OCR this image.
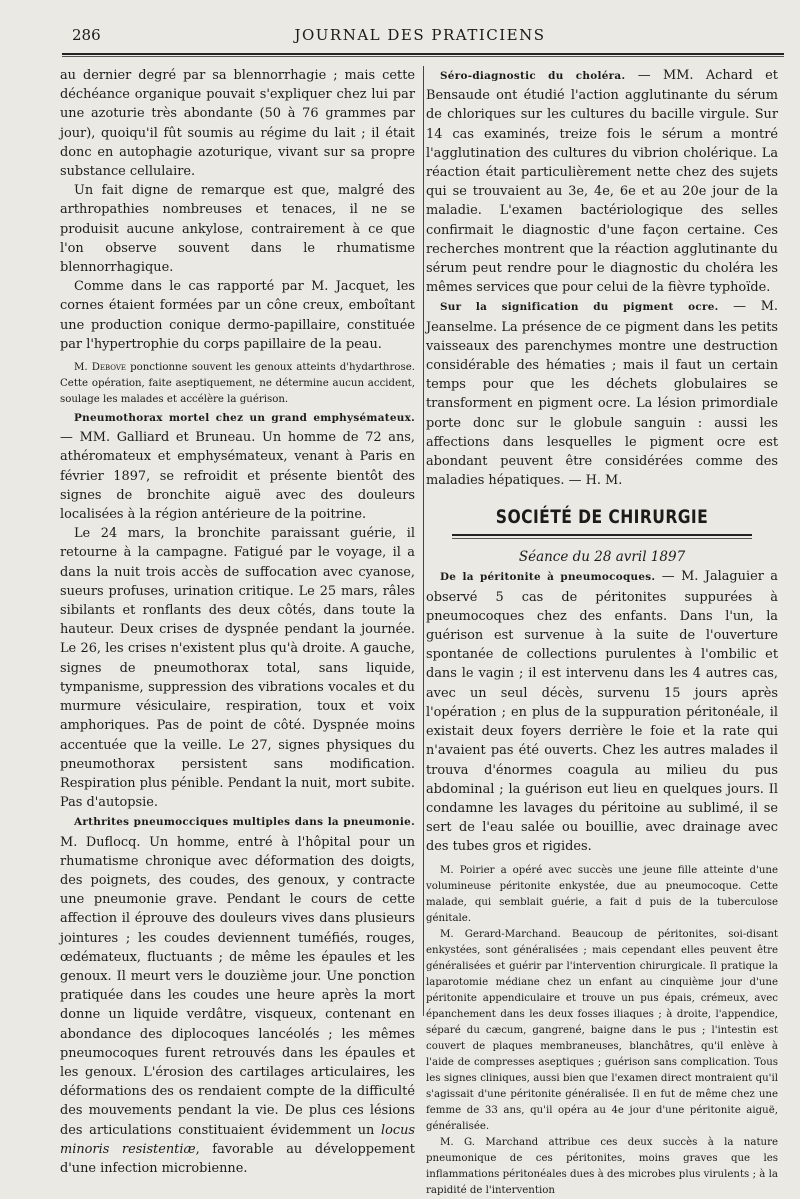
286	JOURNAL DES PRATICIENS

au dernier degré par sa blennorrhagie ; mais cette déchéance organique pouvait s'expliquer chez lui par une azoturie très abondante (50 à 76 grammes par jour), quoiqu'il fût soumis au régime du lait ; il était donc en autophagie azoturique, vivant sur sa propre substance cellulaire.

Un fait digne de remarque est que, malgré des arthropathies nombreuses et tenaces, il ne se produisit aucune ankylose, contrairement à ce que l'on observe souvent dans le rhumatisme blennorrhagique.

Comme dans le cas rapporté par M. Jacquet, les cornes étaient formées par un cône creux, emboîtant une production conique dermo-papillaire, constituée par l'hypertrophie du corps papillaire de la peau.

M. Debove ponctionne souvent les genoux atteints d'hydarthrose. Cette opération, faite aseptiquement, ne détermine aucun accident, soulage les malades et accélère la guérison.

Pneumothorax mortel chez un grand emphysémateux. — MM. Galliard et Bruneau. Un homme de 72 ans, athéromateux et emphysémateux, venant à Paris en février 1897, se refroidit et présente bientôt des signes de bronchite aiguë avec des douleurs localisées à la région antérieure de la poitrine.

Le 24 mars, la bronchite paraissant guérie, il retourne à la campagne. Fatigué par le voyage, il a dans la nuit trois accès de suffocation avec cyanose, sueurs profuses, urination critique. Le 25 mars, râles sibilants et ronflants des deux côtés, dans toute la hauteur. Deux crises de dyspnée pendant la journée. Le 26, les crises n'existent plus qu'à droite. A gauche, signes de pneumothorax total, sans liquide, tympanisme, suppression des vibrations vocales et du murmure vésiculaire, respiration, toux et voix amphoriques. Pas de point de côté. Dyspnée moins accentuée que la veille. Le 27, signes physiques du pneumothorax persistent sans modification. Respiration plus pénible. Pendant la nuit, mort subite. Pas d'autopsie.

Arthrites pneumocciques multiples dans la pneumonie. M. Duflocq. Un homme, entré à l'hôpital pour un rhumatisme chronique avec déformation des doigts, des poignets, des coudes, des genoux, y contracte une pneumonie grave. Pendant le cours de cette affection il éprouve des douleurs vives dans plusieurs jointures ; les coudes deviennent tuméfiés, rouges, œdémateux, fluctuants ; de même les épaules et les genoux. Il meurt vers le douzième jour. Une ponction pratiquée dans les coudes une heure après la mort donne un liquide verdâtre, visqueux, contenant en abondance des diplocoques lancéolés ; les mêmes pneumocoques furent retrouvés dans les épaules et les genoux. L'érosion des cartilages articulaires, les déformations des os rendaient compte de la difficulté des mouvements pendant la vie. De plus ces lésions des articulations constituaient évidemment un locus minoris resistentiæ, favorable au développement d'une infection microbienne.

Séro-diagnostic du choléra. — MM. Achard et Bensaude ont étudié l'action agglutinante du sérum de chloriques sur les cultures du bacille virgule. Sur 14 cas examinés, treize fois le sérum a montré l'agglutination des cultures du vibrion cholérique. La réaction était particulièrement nette chez des sujets qui se trouvaient au 3e, 4e, 6e et au 20e jour de la maladie. L'examen bactériologique des selles confirmait le diagnostic d'une façon certaine. Ces recherches montrent que la réaction agglutinante du sérum peut rendre pour le diagnostic du choléra les mêmes services que pour celui de la fièvre typhoïde.

Sur la signification du pigment ocre. — M. Jeanselme. La présence de ce pigment dans les petits vaisseaux des parenchymes montre une destruction considérable des hématies ; mais il faut un certain temps pour que les déchets globulaires se transforment en pigment ocre. La lésion primordiale porte donc sur le globule sanguin : aussi les affections dans lesquelles le pigment ocre est abondant peuvent être considérées comme des maladies hépatiques. — H. M.

SOCIÉTÉ DE CHIRURGIE
Séance du 28 avril 1897

De la péritonite à pneumocoques. — M. Jalaguier a observé 5 cas de péritonites suppurées à pneumocoques chez des enfants. Dans l'un, la guérison est survenue à la suite de l'ouverture spontanée de collections purulentes à l'ombilic et dans le vagin ; il est intervenu dans les 4 autres cas, avec un seul décès, survenu 15 jours après l'opération ; en plus de la suppuration péritonéale, il existait deux foyers derrière le foie et la rate qui n'avaient pas été ouverts. Chez les autres malades il trouva d'énormes coagula au milieu du pus abdominal ; la guérison eut lieu en quelques jours. Il condamne les lavages du péritoine au sublimé, il se sert de l'eau salée ou bouillie, avec drainage avec des tubes gros et rigides.

M. Poirier a opéré avec succès une jeune fille atteinte d'une volumineuse péritonite enkystée, due au pneumocoque. Cette malade, qui semblait guérie, a fait d puis de la tuberculose génitale.

M. Gerard-Marchand. Beaucoup de péritonites, soi-disant enkystées, sont généralisées ; mais cependant elles peuvent être généralisées et guérir par l'intervention chirurgicale. Il pratique la laparotomie médiane chez un enfant au cinquième jour d'une péritonite appendiculaire et trouve un pus épais, crémeux, avec épanchement dans les deux fosses iliaques ; à droite, l'appendice, séparé du cæcum, gangrené, baigne dans le pus ; l'intestin est couvert de plaques membraneuses, blanchâtres, qu'il enlève à l'aide de compresses aseptiques ; guérison sans complication. Tous les signes cliniques, aussi bien que l'examen direct montraient qu'il s'agissait d'une péritonite généralisée. Il en fut de même chez une femme de 33 ans, qu'il opéra au 4e jour d'une péritonite aiguë, généralisée.

M. G. Marchand attribue ces deux succès à la nature pneumonique de ces péritonites, moins graves que les inflammations péritonéales dues à des microbes plus virulents ; à la rapidité de l'intervention
